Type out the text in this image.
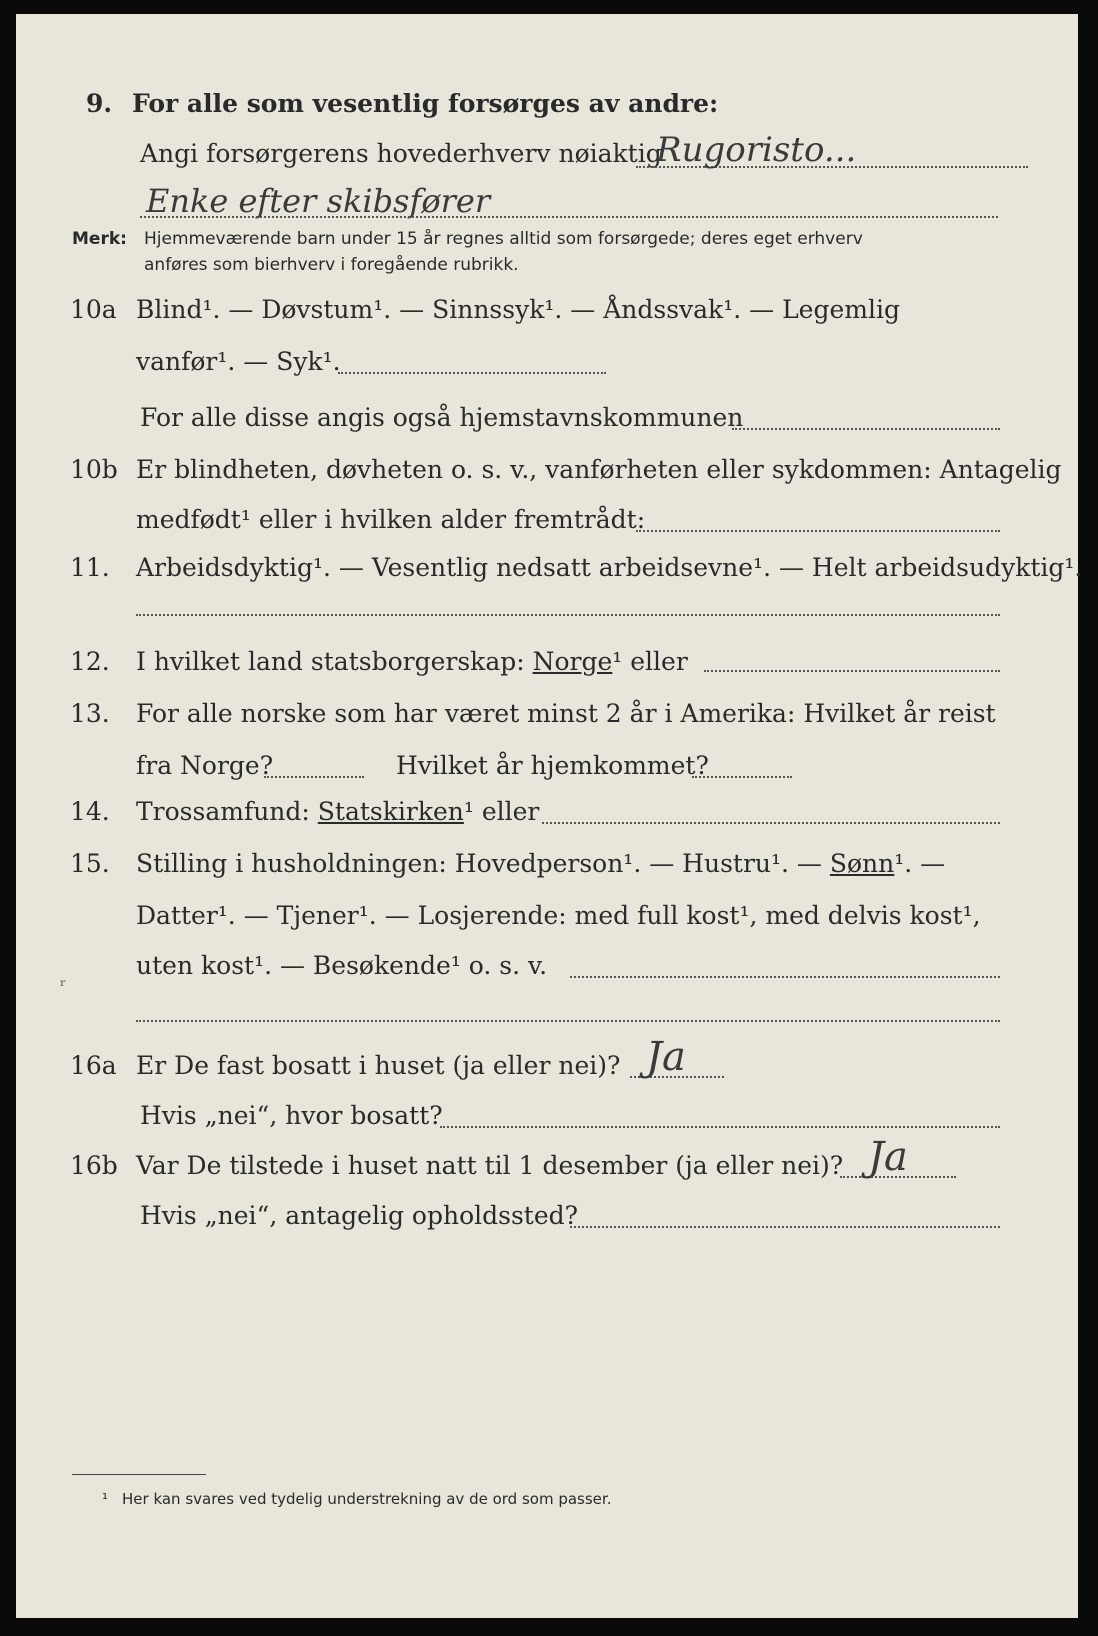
9. For alle som vesentlig forsørges av andre:
Angi forsørgerens hovederhverv nøiaktig
Rugoristo...
Enke efter skibsfører
Merk: Hjemmeværende barn under 15 år regnes alltid som forsørgede; deres eget erhverv
anføres som bierhverv i foregående rubrikk.
10a Blind¹. — Døvstum¹. — Sinnssyk¹. — Åndssvak¹. — Legemlig
vanfør¹. — Syk¹.
For alle disse angis også hjemstavnskommunen
10b Er blindheten, døvheten o. s. v., vanførheten eller sykdommen: Antagelig
medfødt¹ eller i hvilken alder fremtrådt:
11. Arbeidsdyktig¹. — Vesentlig nedsatt arbeidsevne¹. — Helt arbeidsudyktig¹.
12. I hvilket land statsborgerskap: Norge¹ eller
13. For alle norske som har været minst 2 år i Amerika: Hvilket år reist
fra Norge?	Hvilket år hjemkommet?
14. Trossamfund: Statskirken¹ eller
15. Stilling i husholdningen: Hovedperson¹. — Hustru¹. — Sønn¹. —
Datter¹. — Tjener¹. — Losjerende: med full kost¹, med delvis kost¹,
uten kost¹. — Besøkende¹ o. s. v.
16a Er De fast bosatt i huset (ja eller nei)? Ja
Hvis „nei“, hvor bosatt?
16b Var De tilstede i huset natt til 1 desember (ja eller nei)? Ja
Hvis „nei“, antagelig opholdssted?
ʳ
¹ Her kan svares ved tydelig understrekning av de ord som passer.
